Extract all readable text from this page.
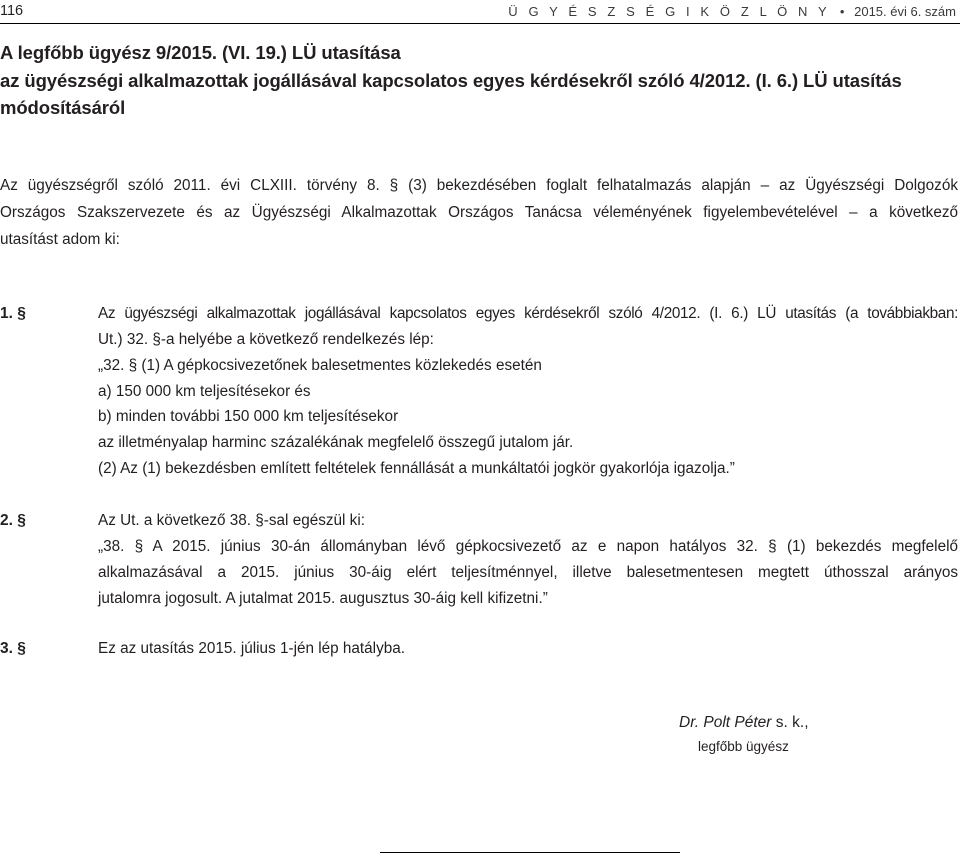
116	Ü G Y É S Z S É G I K Ö Z L Ö N Y • 2015. évi 6. szám
A legfőbb ügyész 9/2015. (VI. 19.) LÜ utasítása
az ügyészségi alkalmazottak jogállásával kapcsolatos egyes kérdésekről szóló 4/2012. (I. 6.) LÜ utasítás
módosításáról
Az ügyészségről szóló 2011. évi CLXIII. törvény 8. § (3) bekezdésében foglalt felhatalmazás alapján – az Ügyészségi Dolgozók
Országos Szakszervezete és az Ügyészségi Alkalmazottak Országos Tanácsa véleményének figyelembevételével – a következő
utasítást adom ki:
1. §	Az ügyészségi alkalmazottak jogállásával kapcsolatos egyes kérdésekről szóló 4/2012. (I. 6.) LÜ utasítás (a továbbiakban:
Ut.) 32. §-a helyébe a következő rendelkezés lép:
„32. § (1) A gépkocsivezetőnek balesetmentes közlekedés esetén
a) 150 000 km teljesítésekor és
b) minden további 150 000 km teljesítésekor
az illetményalap harminc százalékának megfelelő összegű jutalom jár.
(2) Az (1) bekezdésben említett feltételek fennállását a munkáltatói jogkör gyakorlója igazolja.”
2. §	Az Ut. a következő 38. §-sal egészül ki:
„38. § A 2015. június 30-án állományban lévő gépkocsivezető az e napon hatályos 32. § (1) bekezdés megfelelő
alkalmazásával a 2015. június 30-áig elért teljesítménnyel, illetve balesetmentesen megtett úthosszal arányos
jutalomra jogosult. A jutalmat 2015. augusztus 30-áig kell kifizetni.”
3. §	Ez az utasítás 2015. július 1-jén lép hatályba.
Dr. Polt Péter s. k.,
legfőbb ügyész
